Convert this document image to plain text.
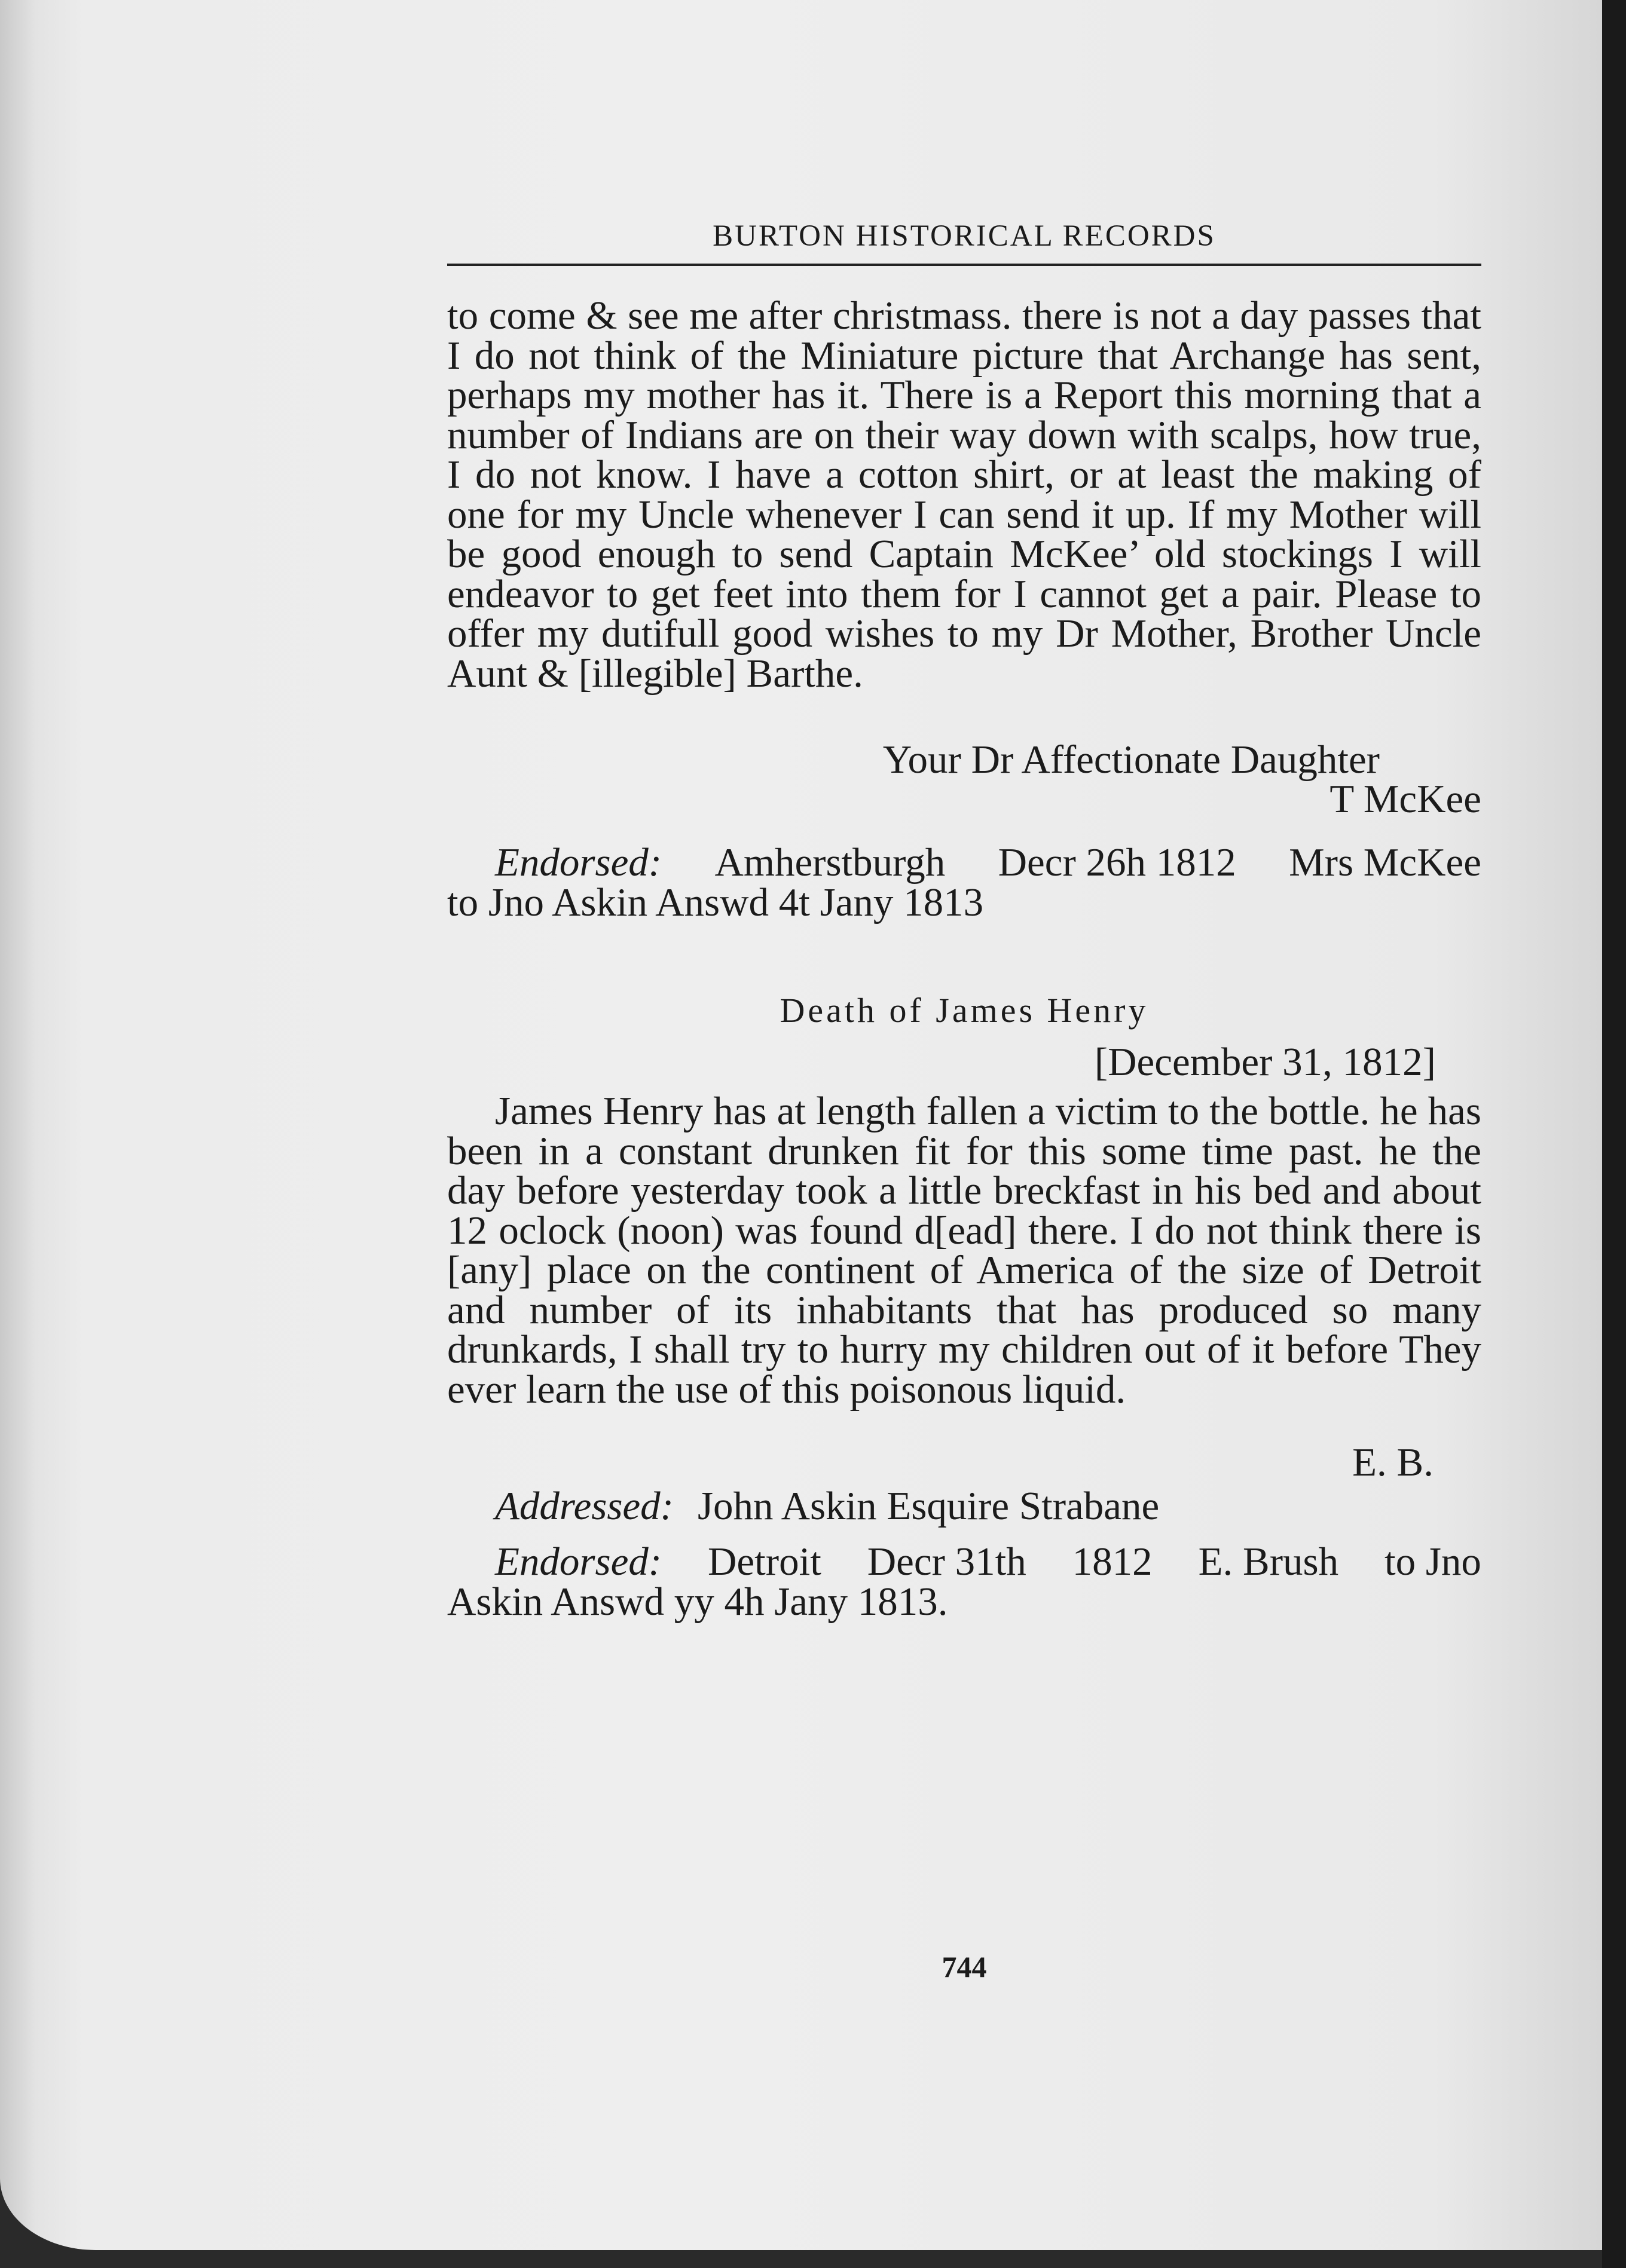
BURTON HISTORICAL RECORDS
to come & see me after christmass. there is not a day passes that I do not think of the Miniature picture that Archange has sent, perhaps my mother has it. There is a Report this morning that a number of Indians are on their way down with scalps, how true, I do not know. I have a cotton shirt, or at least the making of one for my Uncle whenever I can send it up. If my Mother will be good enough to send Captain McKee’ old stockings I will endeavor to get feet into them for I cannot get a pair. Please to offer my dutifull good wishes to my Dr Mother, Brother Uncle Aunt & [illegible] Barthe.
Your Dr Affectionate Daughter
T McKee
Endorsed: Amherstburgh Decr 26h 1812 Mrs McKee
to Jno Askin Answd 4t Jany 1813
Death of James Henry
[December 31, 1812]
James Henry has at length fallen a victim to the bottle. he has been in a constant drunken fit for this some time past. he the day before yesterday took a little breckfast in his bed and about 12 oclock (noon) was found d[ead] there. I do not think there is [any] place on the continent of America of the size of Detroit and number of its inhabitants that has produced so many drunkards, I shall try to hurry my children out of it before They ever learn the use of this poisonous liquid.
E. B.
Addressed: John Askin Esquire Strabane
Endorsed: Detroit Decr 31th 1812 E. Brush to Jno
Askin Answd yy 4h Jany 1813.
744
